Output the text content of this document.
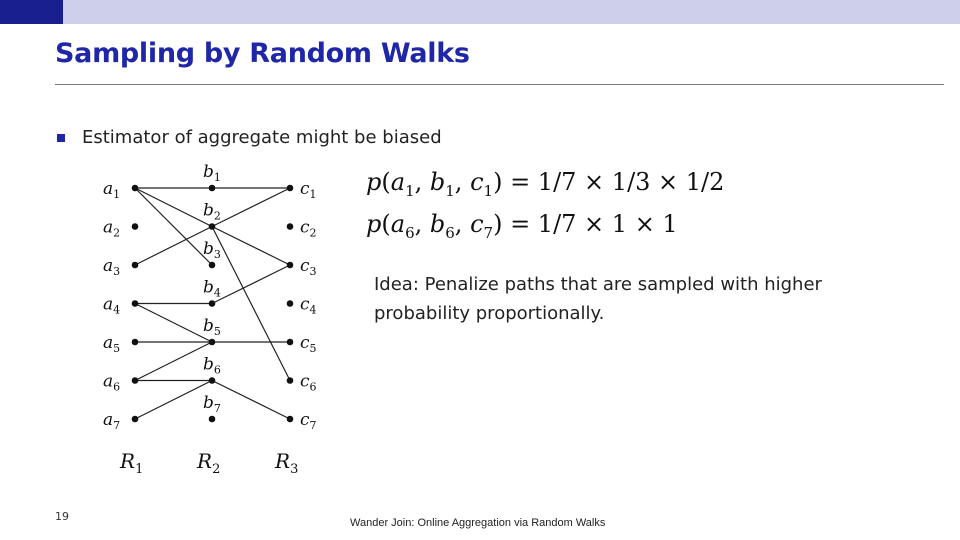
Sampling by Random Walks
Estimator of aggregate might be biased
$a_1$
$a_2$
$a_3$
$a_4$
$a_5$
$a_6$
$a_7$
$b_1$
$b_2$
$b_3$
$b_4$
$b_5$
$b_6$
$b_7$
$c_1$
$c_2$
$c_3$
$c_4$
$c_5$
$c_6$
$c_7$
$R_1$	$R_2$	$R_3$
$p(a_1$, $b_1$, $c_1) = 1/7 \times 1/3 \times 1/2$
$p(a_6$, $b_6$, $c_7) = 1/7 \times 1 \times 1$
Idea: Penalize paths that are sampled with higher probability proportionally.
19	Wander Join: Online Aggregation via Random Walks
